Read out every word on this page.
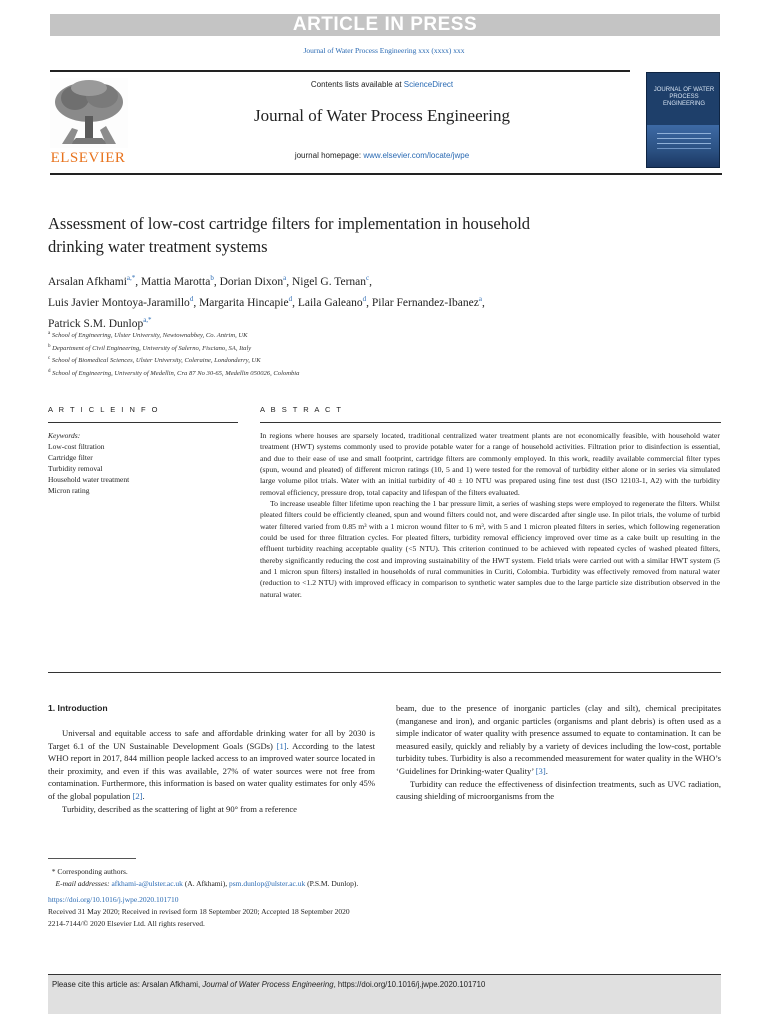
ARTICLE IN PRESS
Journal of Water Process Engineering xxx (xxxx) xxx
ELSEVIER
Contents lists available at ScienceDirect
Journal of Water Process Engineering
journal homepage: www.elsevier.com/locate/jwpe
JOURNAL OF WATER PROCESS ENGINEERING
Assessment of low-cost cartridge filters for implementation in household
drinking water treatment systems
Arsalan Afkhami$^{a,*}$, Mattia Marotta$^b$, Dorian Dixon$^a$, Nigel G. Ternan$^c$,
Luis Javier Montoya-Jaramillo$^d$, Margarita Hincapie$^d$, Laila Galeano$^d$, Pilar Fernandez-Ibanez$^a$,
Patrick S.M. Dunlop$^{a,*}$
$^a$ School of Engineering, Ulster University, Newtownabbey, Co. Antrim, UK
$^b$ Department of Civil Engineering, University of Salerno, Fisciano, SA, Italy
$^c$ School of Biomedical Sciences, Ulster University, Coleraine, Londonderry, UK
$^d$ School of Engineering, University of Medellin, Cra 87 No 30-65, Medellin 050026, Colombia
A R T I C L E I N F O	A B S T R A C T
Keywords:
Low-cost filtration
Cartridge filter
Turbidity removal
Household water treatment
Micron rating

In regions where houses are sparsely located, traditional centralized water treatment plants are not economically feasible, with household water treatment (HWT) systems commonly used to provide potable water for a range of household activities. Filtration prior to disinfection is essential, and due to their ease of use and small footprint, cartridge filters are commonly employed. In this work, readily available commercial filter types (spun, wound and pleated) of different micron ratings (10, 5 and 1) were tested for the removal of turbidity either alone or in series via simulated large volume pilot trials. Water with an initial turbidity of 40 ± 10 NTU was prepared using fine test dust (ISO 12103-1, A2) with the turbidity removal efficiency, pressure drop, total capacity and lifespan of the filters evaluated.

To increase useable filter lifetime upon reaching the 1 bar pressure limit, a series of washing steps were employed to regenerate the filters. Whilst pleated filters could be efficiently cleaned, spun and wound filters could not, and were discarded after single use. In pilot trials, the volume of turbid water filtered varied from 0.85 m³ with a 1 micron wound filter to 6 m³, with 5 and 1 micron pleated filters in series, which following regeneration could be used for three filtration cycles. For pleated filters, turbidity removal efficiency improved over time as a cake built up resulting in the effluent turbidity reaching acceptable quality (<5 NTU). This criterion continued to be achieved with repeated cycles of washed pleated filters, thereby significantly reducing the cost and improving sustainability of the HWT system. Field trials were carried out with a similar HWT system (5 and 1 micron spun filters) installed in households of rural communities in Curiti, Colombia. Turbidity was effectively removed from natural water (reduction to <1.2 NTU) with improved efficacy in comparison to synthetic water samples due to the large particle size distribution observed in the natural water.

1. Introduction

Universal and equitable access to safe and affordable drinking water for all by 2030 is Target 6.1 of the UN Sustainable Development Goals (SGDs) [1]. According to the latest WHO report in 2017, 844 million people lacked access to an improved water source located in their proximity, and even if this was available, 27% of water sources were not free from contamination. Furthermore, this information is based on water quality estimates for only 45% of the global population [2].

Turbidity, described as the scattering of light at 90° from a reference

beam, due to the presence of inorganic particles (clay and silt), chemical precipitates (manganese and iron), and organic particles (organisms and plant debris) is often used as a simple indicator of water quality with presence assumed to equate to contamination. It can be measured easily, quickly and reliably by a variety of devices including the low-cost, portable turbidity tubes. Turbidity is also a recommended measurement for water quality in the WHO’s ‘Guidelines for Drinking-water Quality’ [3].

Turbidity can reduce the effectiveness of disinfection treatments, such as UVC radiation, causing shielding of microorganisms from the

* Corresponding authors.
E-mail addresses: afkhami-a@ulster.ac.uk (A. Afkhami), psm.dunlop@ulster.ac.uk (P.S.M. Dunlop).
https://doi.org/10.1016/j.jwpe.2020.101710
Received 31 May 2020; Received in revised form 18 September 2020; Accepted 18 September 2020
2214-7144/© 2020 Elsevier Ltd. All rights reserved.
Please cite this article as: Arsalan Afkhami, Journal of Water Process Engineering, https://doi.org/10.1016/j.jwpe.2020.101710
